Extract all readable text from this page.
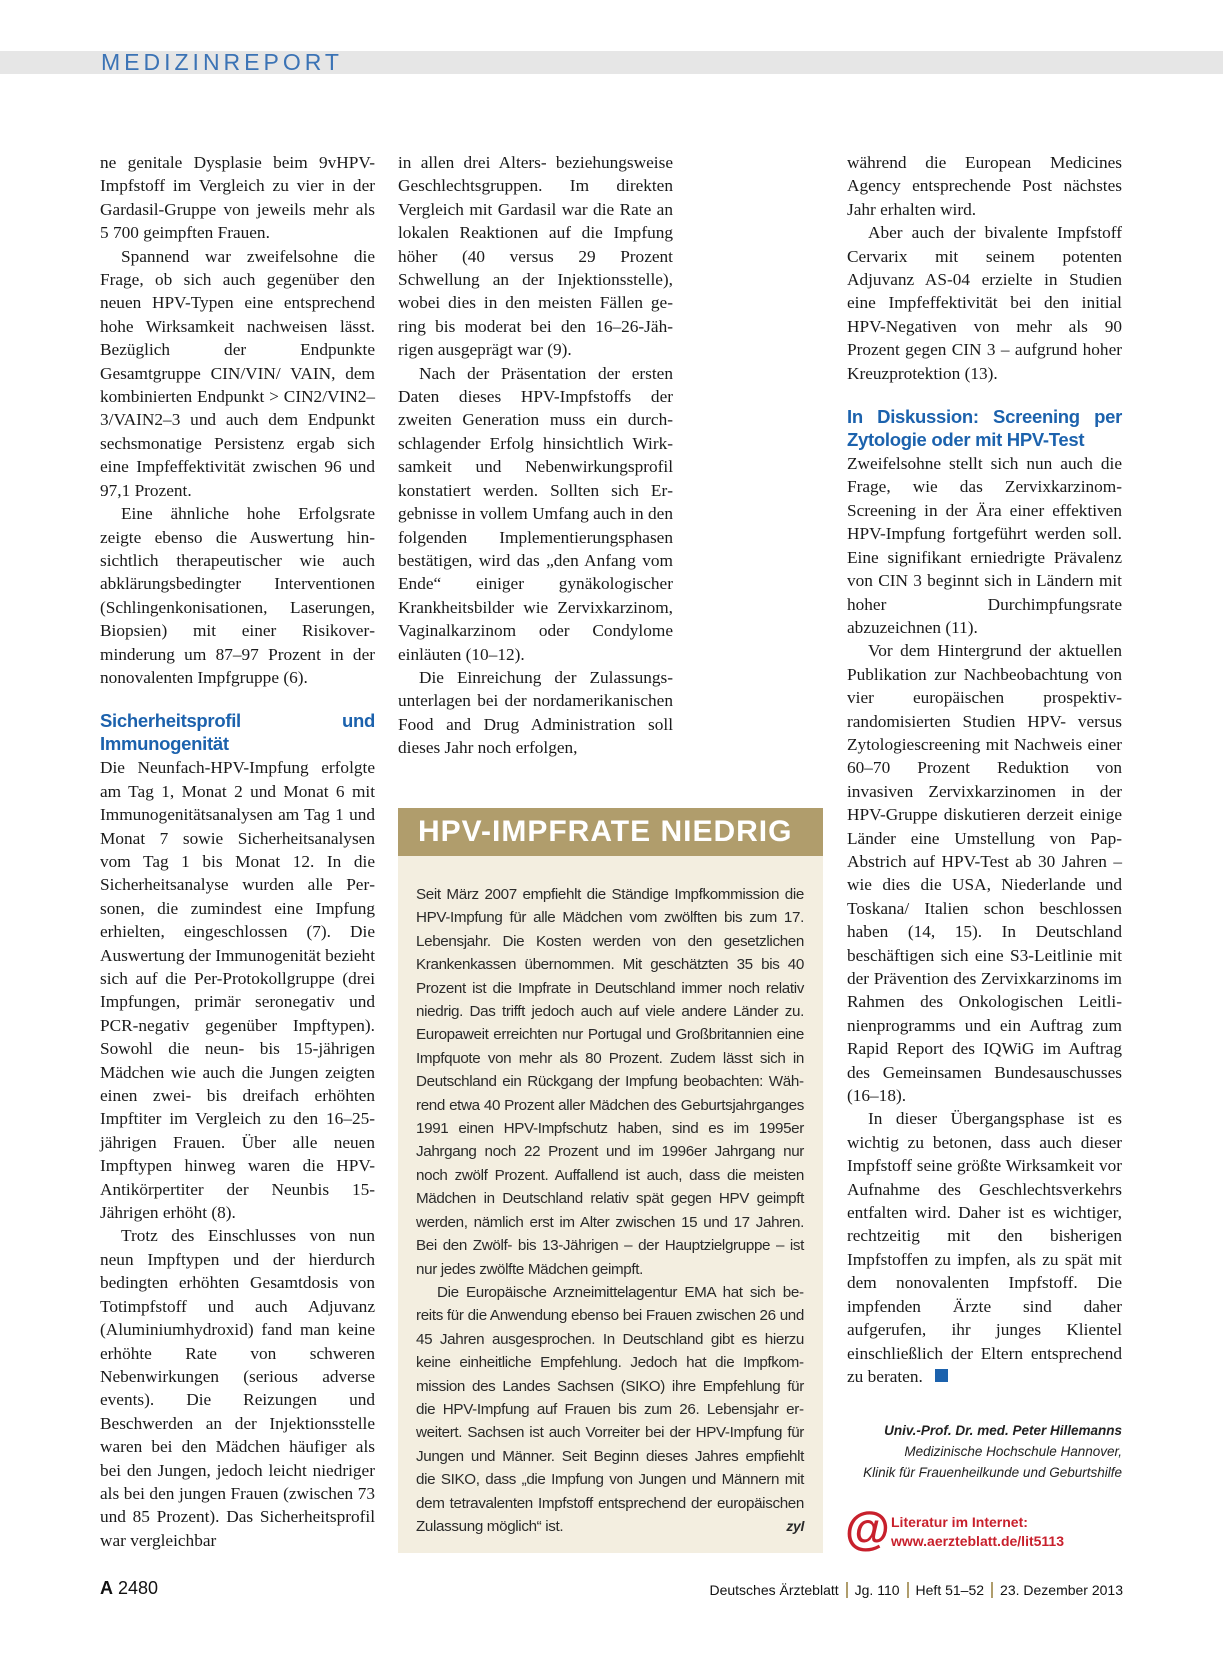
MEDIZINREPORT

ne genitale Dysplasie beim 9vHPV-Impfstoff im Vergleich zu vier in der Gardasil-Gruppe von jeweils mehr als 5 700 geimpften Frauen.

Spannend war zweifelsohne die Frage, ob sich auch gegenüber den neuen HPV-Typen eine entsprechend hohe Wirksamkeit nachweisen lässt. Bezüglich der Endpunkte Gesamtgruppe CIN/VIN/ VAIN, dem kombinierten Endpunkt > CIN2/VIN2–3/VAIN2–3 und auch dem Endpunkt sechsmonatige Persistenz ergab sich eine Impfeffektivität zwischen 96 und 97,1 Prozent.

Eine ähnliche hohe Erfolgsrate zeigte ebenso die Auswertung hinsichtlich therapeutischer wie auch abklärungsbedingter Interventionen (Schlingenkonisationen, Laserungen, Biopsien) mit einer Risikoverminderung um 87–97 Prozent in der nonovalenten Impfgruppe (6).

Sicherheitsprofil und Immunogenität

Die Neunfach-HPV-Impfung erfolgte am Tag 1, Monat 2 und Monat 6 mit Immunogenitätsanalysen am Tag 1 und Monat 7 sowie Sicherheitsanalysen vom Tag 1 bis Monat 12. In die Sicherheitsanalyse wurden alle Personen, die zumindest eine Impfung erhielten, eingeschlossen (7). Die Auswertung der Immunogenität bezieht sich auf die Per-Protokollgruppe (drei Impfungen, primär seronegativ und PCR-negativ gegenüber Impftypen). Sowohl die neun- bis 15-jährigen Mädchen wie auch die Jungen zeigten einen zwei- bis dreifach erhöhten Impftiter im Vergleich zu den 16–25-jährigen Frauen. Über alle neuen Impftypen hinweg waren die HPV-Antikörpertiter der Neunbis 15-Jährigen erhöht (8).

Trotz des Einschlusses von nun neun Impftypen und der hierdurch bedingten erhöhten Gesamtdosis von Totimpfstoff und auch Adjuvanz (Aluminiumhydroxid) fand man keine erhöhte Rate von schweren Nebenwirkungen (serious adverse events). Die Reizungen und Beschwerden an der Injektionsstelle waren bei den Mädchen häufiger als bei den Jungen, jedoch leicht niedriger als bei den jungen Frauen (zwischen 73 und 85 Prozent). Das Sicherheitsprofil war vergleichbar

in allen drei Alters- beziehungsweise Geschlechtsgruppen. Im direkten Vergleich mit Gardasil war die Rate an lokalen Reaktionen auf die Impfung höher (40 versus 29 Prozent Schwellung an der Injektionsstelle), wobei dies in den meisten Fällen gering bis moderat bei den 16–26-Jährigen ausgeprägt war (9).

Nach der Präsentation der ersten Daten dieses HPV-Impfstoffs der zweiten Generation muss ein durchschlagender Erfolg hinsichtlich Wirksamkeit und Nebenwirkungsprofil konstatiert werden. Sollten sich Ergebnisse in vollem Umfang auch in den folgenden Implementierungsphasen bestätigen, wird das „den Anfang vom Ende“ einiger gynäkologischer Krankheitsbilder wie Zervixkarzinom, Vaginalkarzinom oder Condylome einläuten (10–12).

Die Einreichung der Zulassungsunterlagen bei der nordamerikanischen Food and Drug Administration soll dieses Jahr noch erfolgen,

HPV-IMPFRATE NIEDRIG

Seit März 2007 empfiehlt die Ständige Impfkommission die HPV-Impfung für alle Mädchen vom zwölften bis zum 17. Lebensjahr. Die Kosten werden von den gesetzlichen Krankenkassen übernommen. Mit geschätzten 35 bis 40 Prozent ist die Impfrate in Deutschland immer noch relativ niedrig. Das trifft jedoch auch auf viele andere Länder zu. Europaweit erreichten nur Portugal und Großbritannien eine Impfquote von mehr als 80 Prozent. Zudem lässt sich in Deutschland ein Rückgang der Impfung beobachten: Während etwa 40 Prozent aller Mädchen des Geburtsjahrganges 1991 einen HPV-Impfschutz haben, sind es im 1995er Jahrgang noch 22 Prozent und im 1996er Jahrgang nur noch zwölf Prozent. Auffallend ist auch, dass die meisten Mädchen in Deutschland relativ spät gegen HPV geimpft werden, nämlich erst im Alter zwischen 15 und 17 Jahren. Bei den Zwölf- bis 13-Jährigen – der Hauptzielgruppe – ist nur jedes zwölfte Mädchen geimpft.

Die Europäische Arzneimittelagentur EMA hat sich bereits für die Anwendung ebenso bei Frauen zwischen 26 und 45 Jahren ausgesprochen. In Deutschland gibt es hierzu keine einheitliche Empfehlung. Jedoch hat die Impfkommission des Landes Sachsen (SIKO) ihre Empfehlung für die HPV-Impfung auf Frauen bis zum 26. Lebensjahr erweitert. Sachsen ist auch Vorreiter bei der HPV-Impfung für Jungen und Männer. Seit Beginn dieses Jahres empfiehlt die SIKO, dass „die Impfung von Jungen und Männern mit dem tetravalenten Impfstoff entsprechend der europäischen Zulassung möglich“ ist.	zyl

während die European Medicines Agency entsprechende Post nächstes Jahr erhalten wird.

Aber auch der bivalente Impfstoff Cervarix mit seinem potenten Adjuvanz AS-04 erzielte in Studien eine Impfeffektivität bei den initial HPV-Negativen von mehr als 90 Prozent gegen CIN 3 – aufgrund hoher Kreuzprotektion (13).

In Diskussion: Screening per Zytologie oder mit HPV-Test

Zweifelsohne stellt sich nun auch die Frage, wie das Zervixkarzinom-Screening in der Ära einer effektiven HPV-Impfung fortgeführt werden soll. Eine signifikant erniedrigte Prävalenz von CIN 3 beginnt sich in Ländern mit hoher Durchimpfungsrate abzuzeichnen (11).

Vor dem Hintergrund der aktuellen Publikation zur Nachbeobachtung von vier europäischen prospektiv-randomisierten Studien HPV- versus Zytologiescreening mit Nachweis einer 60–70 Prozent Reduktion von invasiven Zervixkarzinomen in der HPV-Gruppe diskutieren derzeit einige Länder eine Umstellung von Pap-Abstrich auf HPV-Test ab 30 Jahren – wie dies die USA, Niederlande und Toskana/ Italien schon beschlossen haben (14, 15). In Deutschland beschäftigen sich eine S3-Leitlinie mit der Prävention des Zervixkarzinoms im Rahmen des Onkologischen Leitlinienprogramms und ein Auftrag zum Rapid Report des IQWiG im Auftrag des Gemeinsamen Bundesauschusses (16–18).

In dieser Übergangsphase ist es wichtig zu betonen, dass auch dieser Impfstoff seine größte Wirksamkeit vor Aufnahme des Geschlechtsverkehrs entfalten wird. Daher ist es wichtiger, rechtzeitig mit den bisherigen Impfstoffen zu impfen, als zu spät mit dem nonovalenten Impfstoff. Die impfenden Ärzte sind daher aufgerufen, ihr junges Klientel einschließlich der Eltern entsprechend zu beraten.

Univ.-Prof. Dr. med. Peter Hillemanns
Medizinische Hochschule Hannover,
Klinik für Frauenheilkunde und Geburtshilfe
@ Literatur im Internet:
www.aerzteblatt.de/lit5113
A 2480	Deutsches Ärzteblatt Jg. 110 Heft 51–52 23. Dezember 2013
